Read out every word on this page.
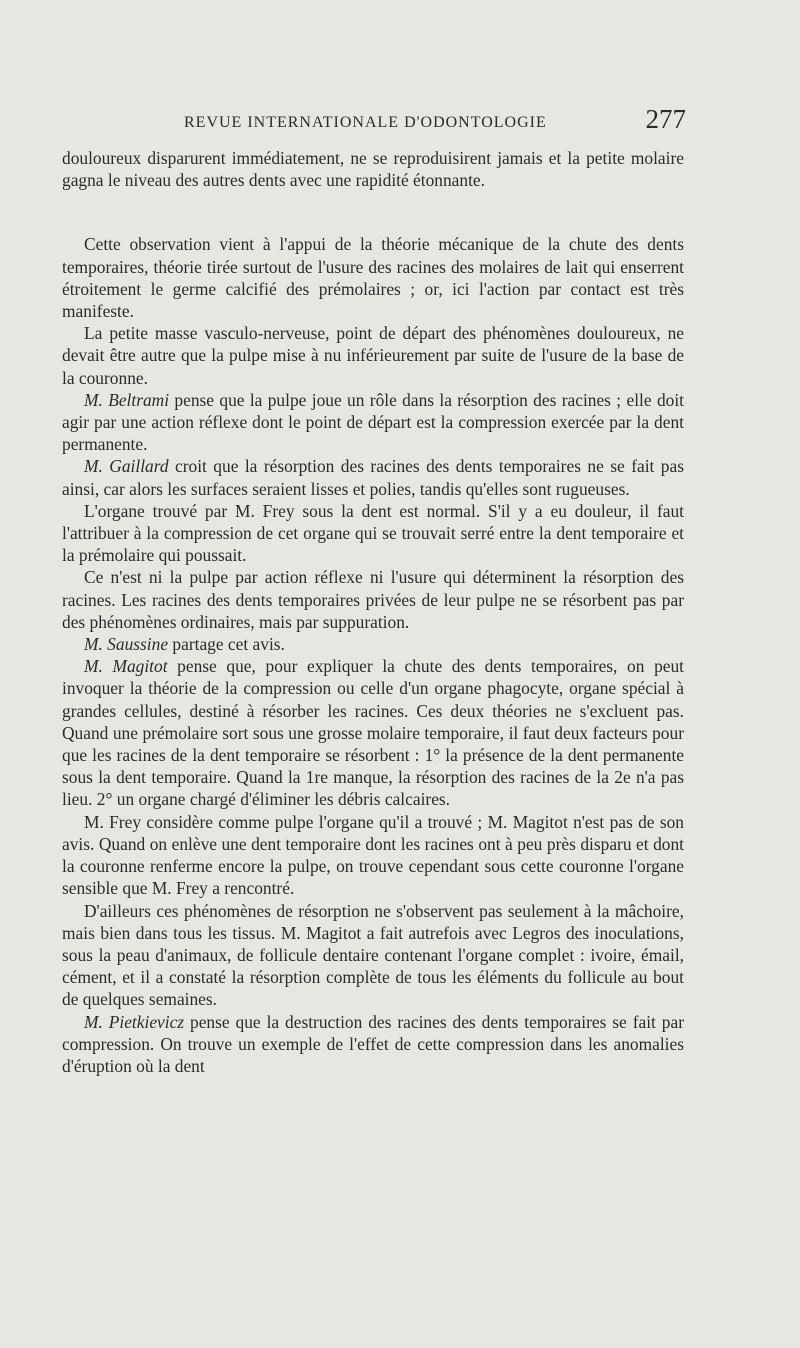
REVUE INTERNATIONALE D'ODONTOLOGIE	277

douloureux disparurent immédiatement, ne se reproduisirent jamais et la petite molaire gagna le niveau des autres dents avec une rapidité étonnante.

Cette observation vient à l'appui de la théorie mécanique de la chute des dents temporaires, théorie tirée surtout de l'usure des racines des molaires de lait qui enserrent étroitement le germe calcifié des prémolaires ; or, ici l'action par contact est très manifeste.

La petite masse vasculo-nerveuse, point de départ des phénomènes douloureux, ne devait être autre que la pulpe mise à nu inférieurement par suite de l'usure de la base de la couronne.

M. Beltrami pense que la pulpe joue un rôle dans la résorption des racines ; elle doit agir par une action réflexe dont le point de départ est la compression exercée par la dent permanente.

M. Gaillard croit que la résorption des racines des dents temporaires ne se fait pas ainsi, car alors les surfaces seraient lisses et polies, tandis qu'elles sont rugueuses.

L'organe trouvé par M. Frey sous la dent est normal. S'il y a eu douleur, il faut l'attribuer à la compression de cet organe qui se trouvait serré entre la dent temporaire et la prémolaire qui poussait.

Ce n'est ni la pulpe par action réflexe ni l'usure qui déterminent la résorption des racines. Les racines des dents temporaires privées de leur pulpe ne se résorbent pas par des phénomènes ordinaires, mais par suppuration.

M. Saussine partage cet avis.

M. Magitot pense que, pour expliquer la chute des dents temporaires, on peut invoquer la théorie de la compression ou celle d'un organe phagocyte, organe spécial à grandes cellules, destiné à résorber les racines. Ces deux théories ne s'excluent pas. Quand une prémolaire sort sous une grosse molaire temporaire, il faut deux facteurs pour que les racines de la dent temporaire se résorbent : 1° la présence de la dent permanente sous la dent temporaire. Quand la 1re manque, la résorption des racines de la 2e n'a pas lieu. 2° un organe chargé d'éliminer les débris calcaires.

M. Frey considère comme pulpe l'organe qu'il a trouvé ; M. Magitot n'est pas de son avis. Quand on enlève une dent temporaire dont les racines ont à peu près disparu et dont la couronne renferme encore la pulpe, on trouve cependant sous cette couronne l'organe sensible que M. Frey a rencontré.

D'ailleurs ces phénomènes de résorption ne s'observent pas seulement à la mâchoire, mais bien dans tous les tissus. M. Magitot a fait autrefois avec Legros des inoculations, sous la peau d'animaux, de follicule dentaire contenant l'organe complet : ivoire, émail, cément, et il a constaté la résorption complète de tous les éléments du follicule au bout de quelques semaines.

M. Pietkievicz pense que la destruction des racines des dents temporaires se fait par compression. On trouve un exemple de l'effet de cette compression dans les anomalies d'éruption où la dent
